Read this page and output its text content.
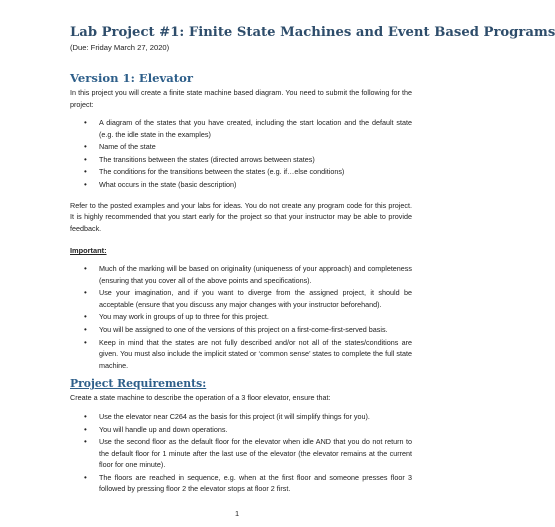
Lab Project #1: Finite State Machines and Event Based Programs

(Due: Friday March 27, 2020)

Version 1: Elevator

In this project you will create a finite state machine based diagram. You need to submit the following for the project:

• A diagram of the states that you have created, including the start location and the default state (e.g. the idle state in the examples)
• Name of the state
• The transitions between the states (directed arrows between states)
• The conditions for the transitions between the states (e.g. if…else conditions)
• What occurs in the state (basic description)

Refer to the posted examples and your labs for ideas. You do not create any program code for this project. It is highly recommended that you start early for the project so that your instructor may be able to provide feedback.

Important:

• Much of the marking will be based on originality (uniqueness of your approach) and completeness (ensuring that you cover all of the above points and specifications).
• Use your imagination, and if you want to diverge from the assigned project, it should be acceptable (ensure that you discuss any major changes with your instructor beforehand).
• You may work in groups of up to three for this project.
• You will be assigned to one of the versions of this project on a first-come-first-served basis.
• Keep in mind that the states are not fully described and/or not all of the states/conditions are given. You must also include the implicit stated or ‘common sense’ states to complete the full state machine.
Project Requirements:

Create a state machine to describe the operation of a 3 floor elevator, ensure that:

• Use the elevator near C264 as the basis for this project (it will simplify things for you).
• You will handle up and down operations.
• Use the second floor as the default floor for the elevator when idle AND that you do not return to the default floor for 1 minute after the last use of the elevator (the elevator remains at the current floor for one minute).
• The floors are reached in sequence, e.g. when at the first floor and someone presses floor 3 followed by pressing floor 2 the elevator stops at floor 2 first.
1
